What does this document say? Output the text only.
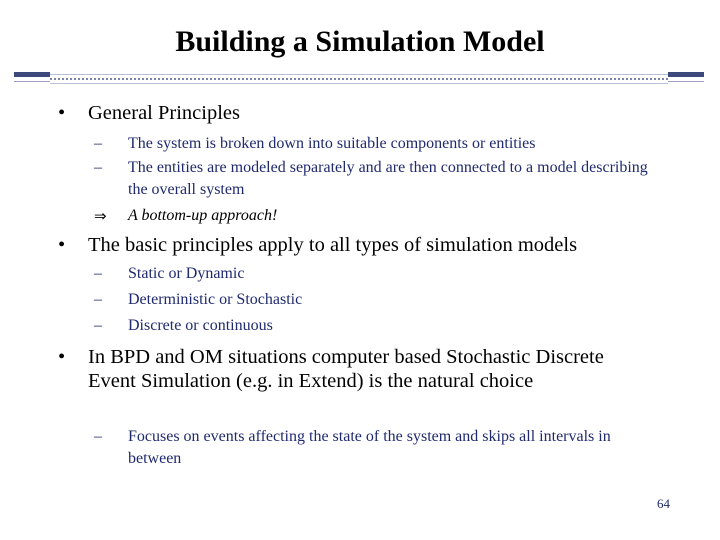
Building a Simulation Model
•	General Principles
–	The system is broken down into suitable components or entities
–	The entities are modeled separately and are then connected to a model describing the overall system
⇒	A bottom-up approach!
•	The basic principles apply to all types of simulation models
–	Static or Dynamic
–	Deterministic or Stochastic
–	Discrete or continuous
•	In BPD and OM situations computer based Stochastic Discrete Event Simulation (e.g. in Extend) is the natural choice
–	Focuses on events affecting the state of the system and skips all intervals in between
64
